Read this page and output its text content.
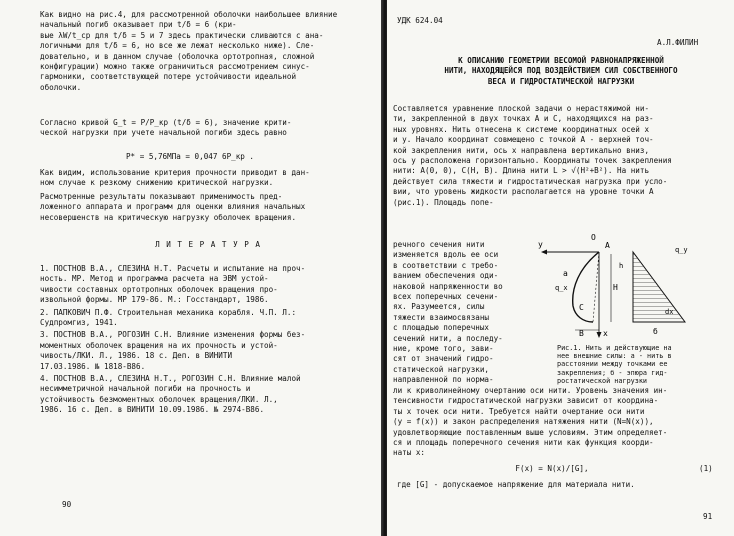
Как видно на рис.4, для рассмотренной оболочки наибольшее влияние начальный погиб оказывает при t/δ = 6 (кри-
вые λW/t_cp для t/δ = 5 и 7 здесь практически сливаются с ана-
логичными для t/δ = 6, но все же лежат несколько ниже). Сле-
довательно, и в данном случае (оболочка ортотропная, сложной
конфигурации) можно также ограничиться рассмотрением синус-
гармоники, соответствующей потере устойчивости идеальной
оболочки.
Согласно кривой G_t = P/P_кр (t/δ = 6), значение крити-
ческой нагрузки при учете начальной погиби здесь равно
P* = 5,76МПа = 0,047 6P_кр .
Как видим, использование критерия прочности приводит в дан-
ном случае к резкому снижению критической нагрузки.
Расмотренные результаты показывают применимость пред-
ложенного аппарата и программ для оценки влияния начальных
несовершенств на критическую нагрузку оболочек вращения.
Л И Т Е Р А Т У Р А
1. ПОСТНОВ В.А., СЛЕЗИНА Н.Т. Расчеты и испытание на проч-
ность. МР. Метод и программа расчета на ЭВМ устой-
чивости составных ортотропных оболочек вращения про-
извольной формы. МР 179-86. М.: Госстандарт, 1986.
2. ПАПКОВИЧ П.Ф. Строительная механика корабля. Ч.П. Л.:
Судпромгиз, 1941.
3. ПОСТНОВ В.А., РОГОЗИН С.Н. Влияние изменения формы без-
моментных оболочек вращения на их прочность и устой-
чивость/ЛКИ. Л., 1986. 18 с. Деп. в ВИНИТИ
17.03.1986. № 1818-В86.
4. ПОСТНОВ В.А., СЛЕЗИНА Н.Т., РОГОЗИН С.Н. Влияние малой
несимметричной начальной погиби на прочность и
устойчивость безмоментных оболочек вращения/ЛКИ. Л.,
1986. 16 с. Деп. в ВИНИТИ 10.09.1986. № 2974-В86.
90
УДК 624.04
А.Л.ФИЛИН
К ОПИСАНИЮ ГЕОМЕТРИИ ВЕСОМОЙ РАВНОНАПРЯЖЕННОЙ
НИТИ, НАХОДЯЩЕЙСЯ ПОД ВОЗДЕЙСТВИЕМ СИЛ СОБСТВЕННОГО
ВЕСА И ГИДРОСТАТИЧЕСКОЙ НАГРУЗКИ
Составляется уравнение плоской задачи о нерастяжимой ни-
ти, закрепленной в двух точках A и C, находящихся на раз-
ных уровнях. Нить отнесена к системе координатных осей x
и y. Начало координат совмещено с точкой A - верхней точ-
кой закрепления нити, ось x направлена вертикально вниз,
ось y расположена горизонтально. Координаты точек закрепления
нити: A(0, 0), C(H, B). Длина нити L > √(H²+B²). На нить
действует сила тяжести и гидростатическая нагрузка при усло-
вии, что уровень жидкости располагается на уровне точки A
(рис.1). Площадь попе-
речного сечения нити
изменяется вдоль ее оси
в соответствии с требо-
ванием обеспечения оди-
наковой напряженности во
всех поперечных сечени-
ях. Разумеется, силы
тяжести взаимосвязаны
с площадью поперечных
сечений нити, а последу-
ние, кроме того, зави-
сят от значений гидро-
статической нагрузки,
направленной по норма-
y
x
O
A
C
B
а
q_x	H
h
б
q_y
dx
Рис.1. Нить и действующие на
нее внешние силы: а - нить в
расстоянии между точками ее
закрепления; б - эпюра гид-
ростатической нагрузки
ли к криволинейному очертанию оси нити. Уровень значения ин-
тенсивности гидростатической нагрузки зависит от координа-
ты x точек оси нити. Требуется найти очертание оси нити
(y = f(x)) и закон распределения натяжения нити (N=N(x)),
удовлетворяющие поставленным выше условиям. Этим определяет-
ся и площадь поперечного сечения нити как функция коорди-
наты x:
F(x) = N(x)/[G],	(1)
где [G] - допускаемое напряжение для материала нити.
91
